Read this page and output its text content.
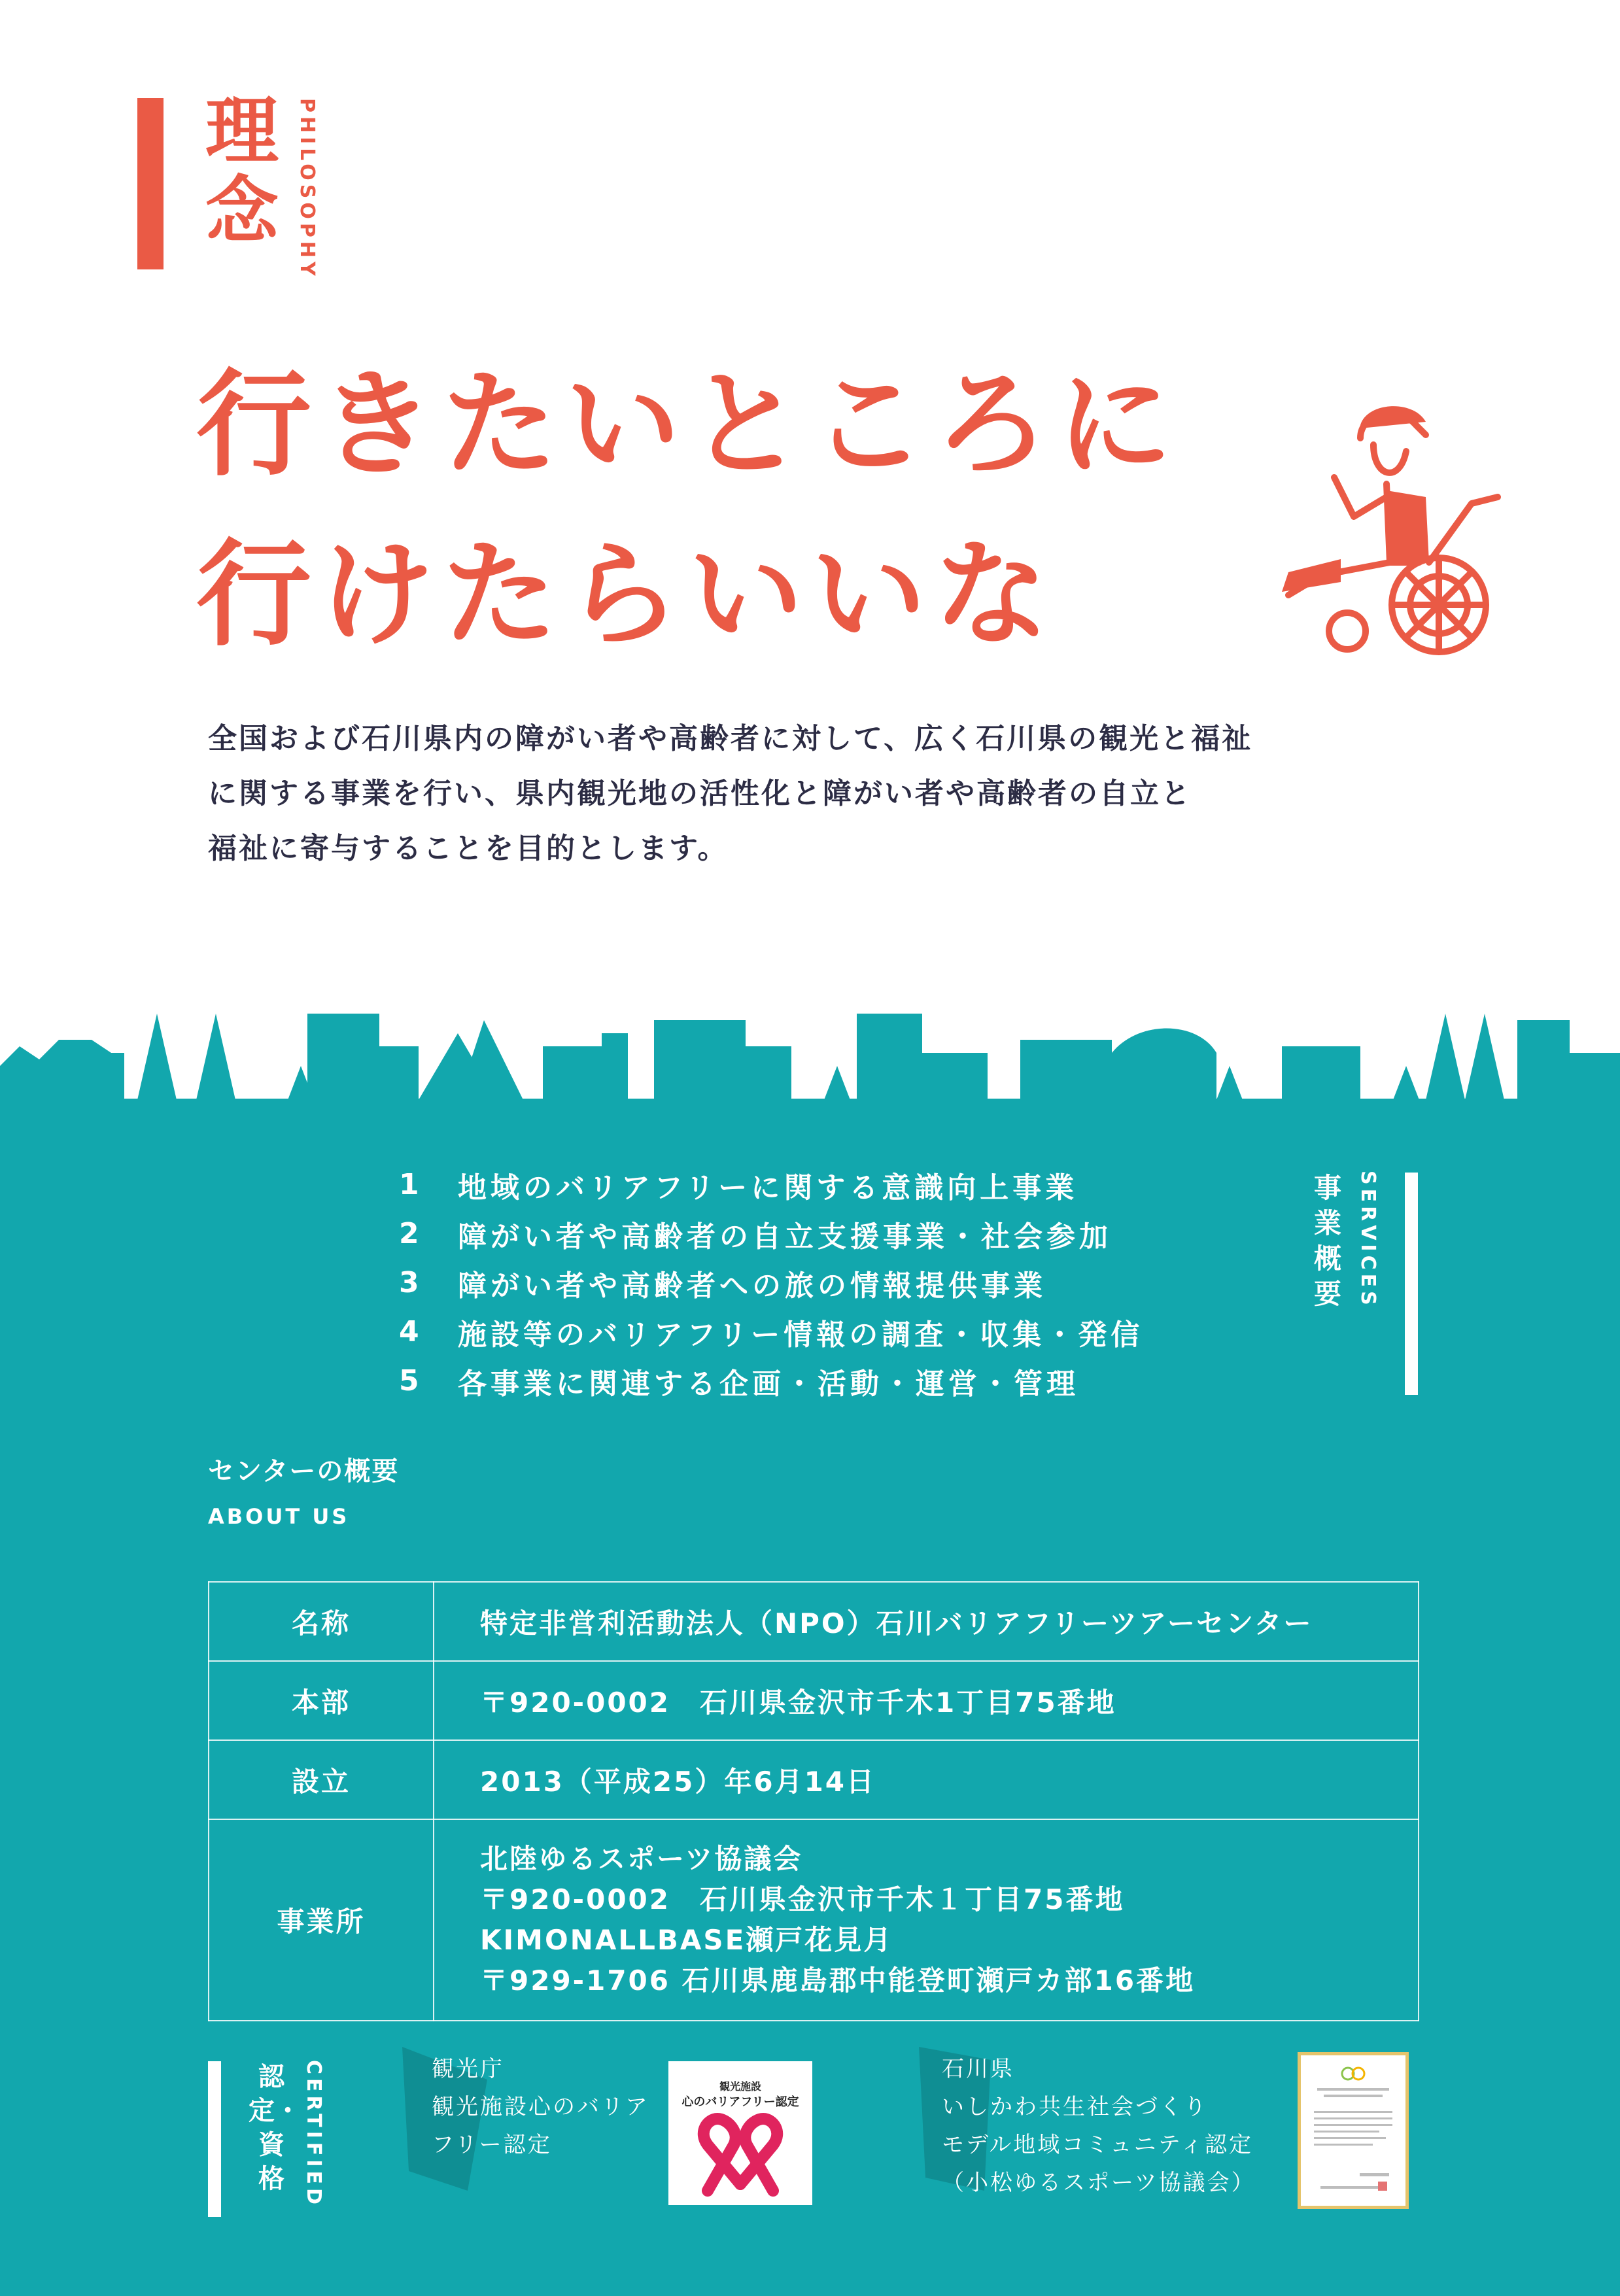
理念 PHILOSOPHY
行きたいところに
行けたらいいな

全国および石川県内の障がい者や高齢者に対して、広く石川県の観光と福祉

に関する事業を行い、県内観光地の活性化と障がい者や高齢者の自立と

福祉に寄与することを目的とします。

1	地域のバリアフリーに関する意識向上事業
2	障がい者や高齢者の自立支援事業・社会参加
3	障がい者や高齢者への旅の情報提供事業
4	施設等のバリアフリー情報の調査・収集・発信
5	各事業に関連する企画・活動・運営・管理
事業概要 SERVICES
センターの概要
ABOUT US
名称	特定非営利活動法人（NPO）石川バリアフリーツアーセンター
本部	〒920-0002　石川県金沢市千木1丁目75番地
設立	2013（平成25）年6月14日
事業所	北陸ゆるスポーツ協議会

〒920-0002　石川県金沢市千木１丁目75番地

KIMONALLBASE瀬戸花見月

〒929-1706 石川県鹿島郡中能登町瀬戸カ部16番地

認定・資格 CERTIFIED	観光庁

観光施設心のバリア

フリー認定

観光施設
心のバリアフリー認定

石川県

いしかわ共生社会づくり

モデル地域コミュニティ認定

（小松ゆるスポーツ協議会）
